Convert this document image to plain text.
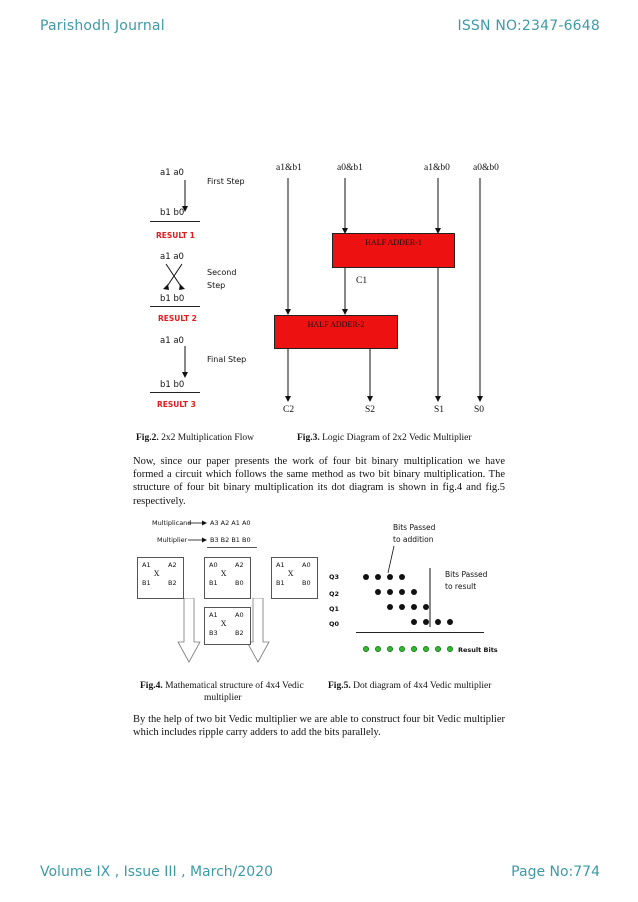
Parishodh Journal	ISSN NO:2347-6648
a1 a0
First Step
b1 b0
RESULT 1
a1 a0
Second
Step
b1 b0
RESULT 2
a1 a0
Final Step
b1 b0
RESULT 3
a1&b1	a0&b1	a1&b0 a0&b0
HALF ADDER-1
C1
HALF ADDER-2
C2	S2	S1	S0
Fig.2. 2x2 Multiplication Flow	Fig.3. Logic Diagram of 2x2 Vedic Multiplier
Now, since our paper presents the work of four bit binary multiplication we have formed a circuit which follows the same method as two bit binary multiplication. The structure of four bit binary multiplication its dot diagram is shown in fig.4 and fig.5 respectively.
Multiplicand	A3 A2 A1 A0
Multiplier	B3 B2 B1 B0
A1	A2
X
B1	B2
A0	A2
X
B1	B0
A1	A0
X
B1	B0
A1	A0
X
B3	B2
Bits Passed
to addition
Bits Passed
to result
Q3
Q2
Q1
Q0
Result Bits
Fig.4. Mathematical structure of 4x4 Vedic
multiplier
Fig.5. Dot diagram of 4x4 Vedic multiplier
By the help of two bit Vedic multiplier we are able to construct four bit Vedic multiplier which includes ripple carry adders to add the bits parallely.
Volume IX , Issue III , March/2020	Page No:774
